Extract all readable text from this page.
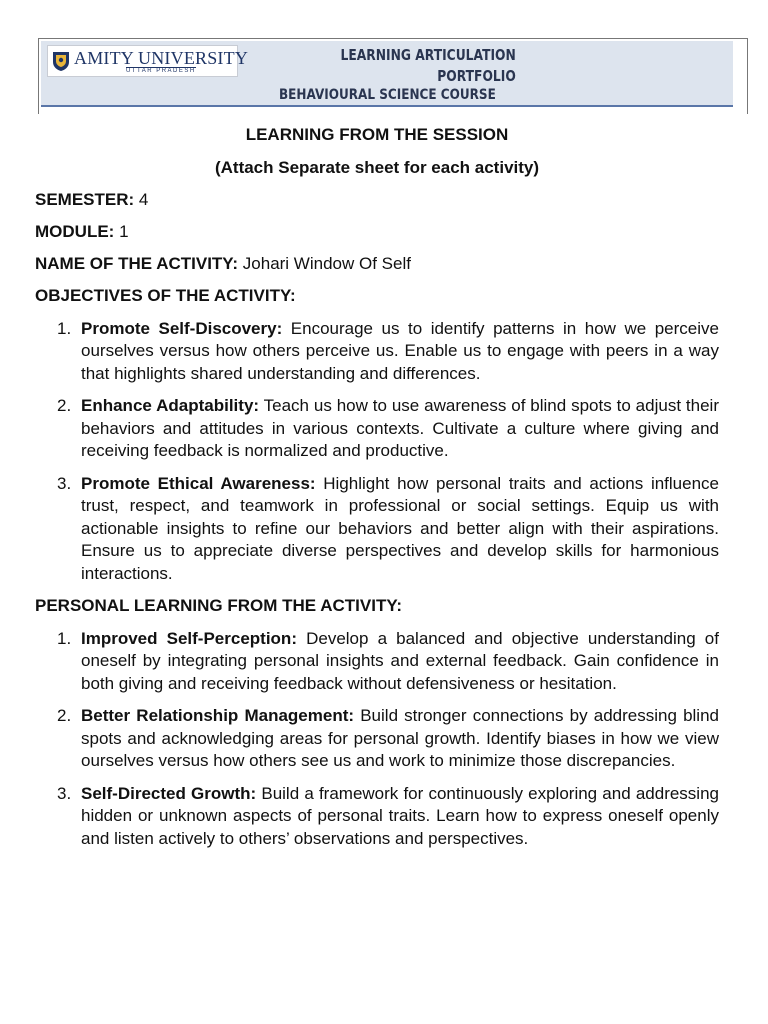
AMITY UNIVERSITY
UTTAR PRADESH
LEARNING ARTICULATION
PORTFOLIO
BEHAVIOURAL SCIENCE COURSE
LEARNING FROM THE SESSION
(Attach Separate sheet for each activity)
SEMESTER: 4
MODULE: 1
NAME OF THE ACTIVITY: Johari Window Of Self
OBJECTIVES OF THE ACTIVITY:
1. Promote Self-Discovery: Encourage us to identify patterns in how we perceive ourselves versus how others perceive us. Enable us to engage with peers in a way that highlights shared understanding and differences.
2. Enhance Adaptability: Teach us how to use awareness of blind spots to adjust their behaviors and attitudes in various contexts. Cultivate a culture where giving and receiving feedback is normalized and productive.
3. Promote Ethical Awareness: Highlight how personal traits and actions influence trust, respect, and teamwork in professional or social settings. Equip us with actionable insights to refine our behaviors and better align with their aspirations. Ensure us to appreciate diverse perspectives and develop skills for harmonious interactions.
PERSONAL LEARNING FROM THE ACTIVITY:
1. Improved Self-Perception: Develop a balanced and objective understanding of oneself by integrating personal insights and external feedback. Gain confidence in both giving and receiving feedback without defensiveness or hesitation.
2. Better Relationship Management: Build stronger connections by addressing blind spots and acknowledging areas for personal growth. Identify biases in how we view ourselves versus how others see us and work to minimize those discrepancies.
3. Self-Directed Growth: Build a framework for continuously exploring and addressing hidden or unknown aspects of personal traits. Learn how to express oneself openly and listen actively to others’ observations and perspectives.
